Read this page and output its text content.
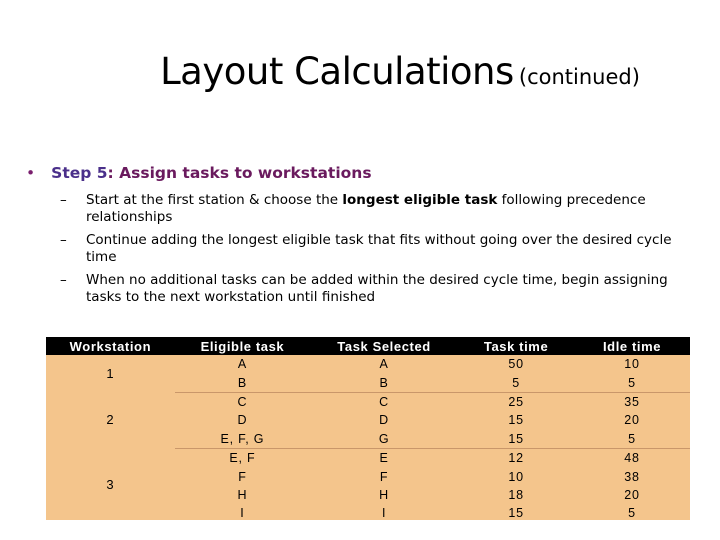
Layout Calculations (continued)
• Step 5: Assign tasks to workstations
–	Start at the first station & choose the longest eligible task following precedence relationships
–	Continue adding the longest eligible task that fits without going over the desired cycle time
–	When no additional tasks can be added within the desired cycle time, begin assigning tasks to the next workstation until finished
Workstation	Eligible task	Task Selected	Task time	Idle time
1	A	A	50	10
	B	B	5	5
2	C	C	25	35
	D	D	15	20
	E, F, G	G	15	5
3	E, F	E	12	48
	F	F	10	38
	H	H	18	20
	I	I	15	5
